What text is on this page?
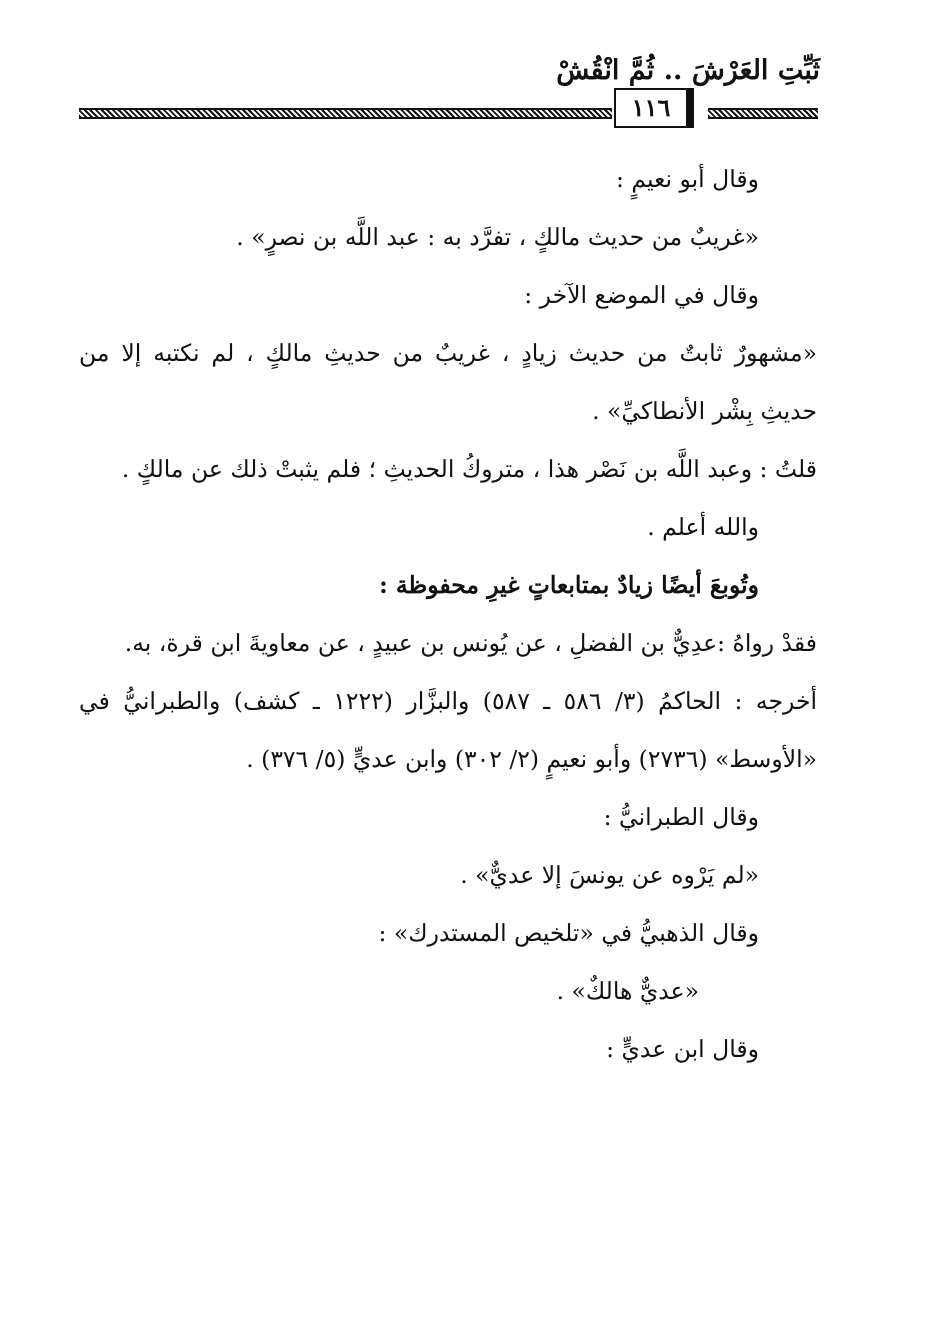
ثَبِّتِ العَرْشَ .. ثُمَّ انْقُشْ
١١٦

وقال أبو نعيمٍ :

«غريبٌ من حديث مالكٍ ، تفرَّد به : عبد اللَّه بن نصرٍ» .

وقال في الموضع الآخر :

«مشهورٌ ثابتٌ من حديث زيادٍ ، غريبٌ من حديثِ مالكٍ ، لم نكتبه إلا من حديثِ بِشْر الأنطاكيِّ» .

قلتُ : وعبد اللَّه بن نَصْر هذا ، متروكُ الحديثِ ؛ فلم يثبتْ ذلك عن مالكٍ .

والله أعلم .

وتُوبعَ أيضًا زيادٌ بمتابعاتٍ غيرِ محفوظة :

فقدْ رواهُ :عدِيٌّ بن الفضلِ ، عن يُونس بن عبيدٍ ، عن معاويةَ ابن قرة، به.

أخرجه : الحاكمُ (٣/ ٥٨٦ ـ ٥٨٧) والبزَّار (١٢٢٢ ـ كشف) والطبرانيُّ في «الأوسط» (٢٧٣٦) وأبو نعيمٍ (٢/ ٣٠٢) وابن عديٍّ (٥/ ٣٧٦) .

وقال الطبرانيُّ :

«لم يَرْوه عن يونسَ إلا عديٌّ» .

وقال الذهبيُّ في «تلخيص المستدرك» :

«عديٌّ هالكٌ» .

وقال ابن عديٍّ :
